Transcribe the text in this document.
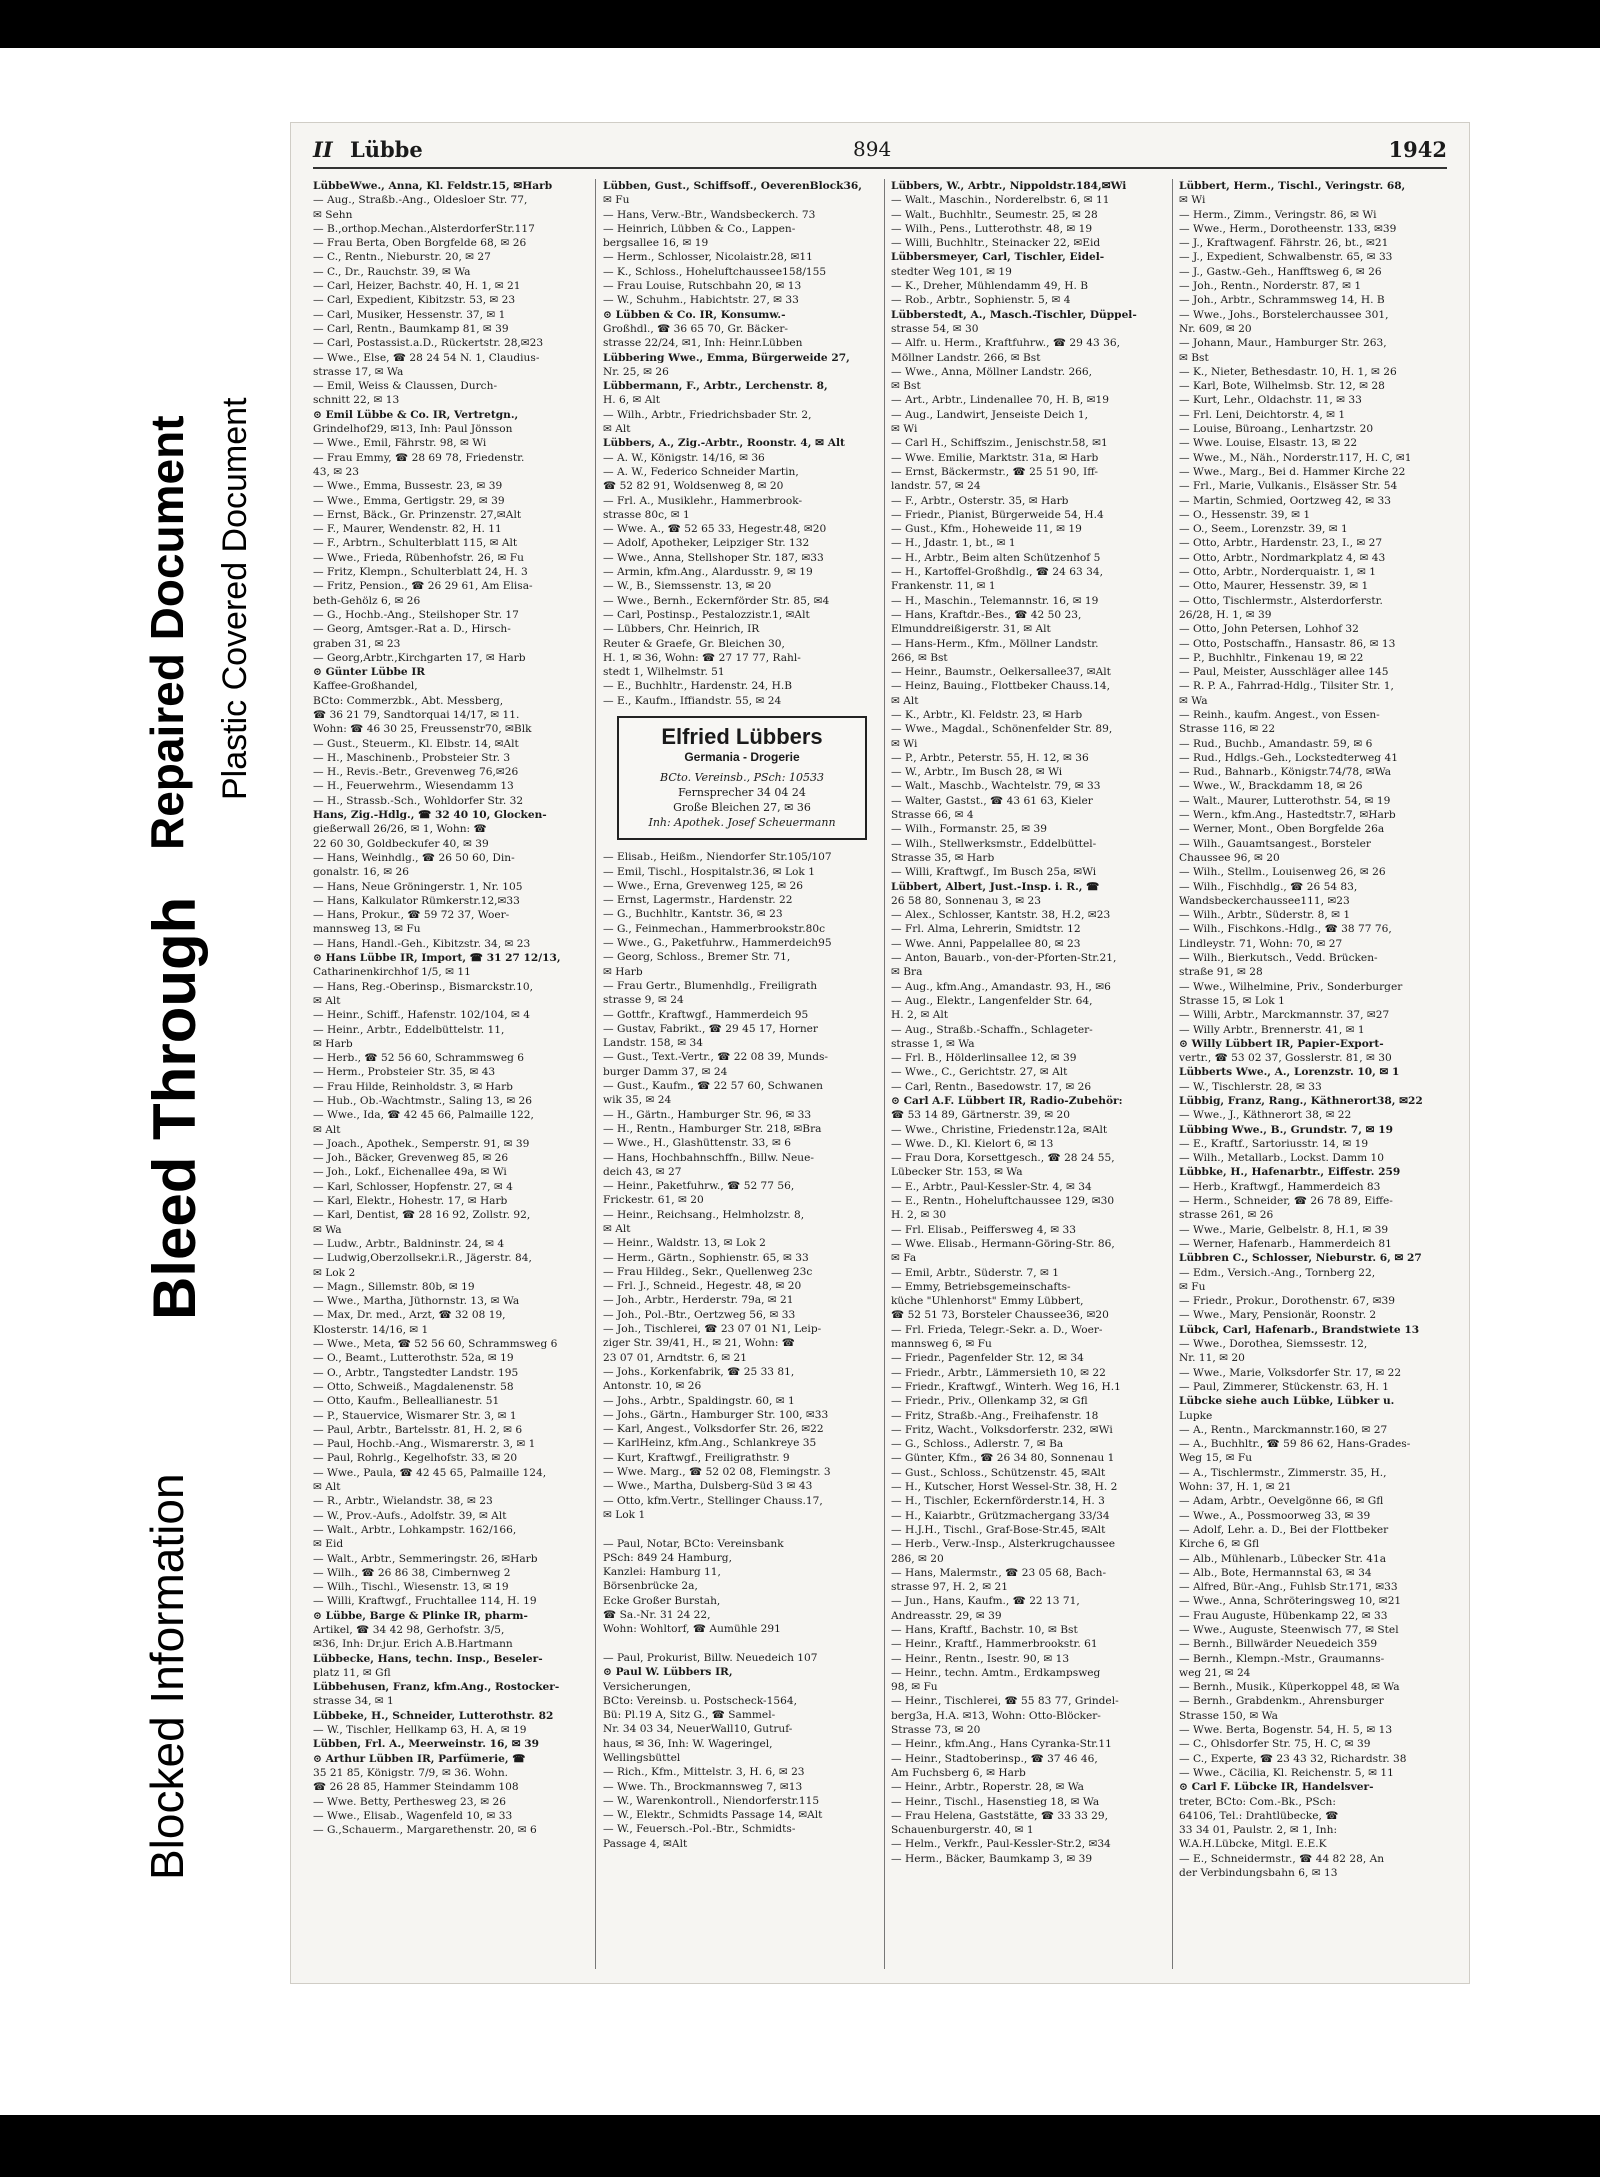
Blocked Information
Bleed Through
Repaired Document Plastic Covered Document
II Lübbe	894	1942
LübbeWwe., Anna, Kl. Feldstr.15, ✉Harb
— Aug., Straßb.-Ang., Oldesloer Str. 77,
✉ Sehn
— B.,orthop.Mechan.,AlsterdorferStr.117
— Frau Berta, Oben Borgfelde 68, ✉ 26
— C., Rentn., Nieburstr. 20, ✉ 27
— C., Dr., Rauchstr. 39, ✉ Wa
— Carl, Heizer, Bachstr. 40, H. 1, ✉ 21
— Carl, Expedient, Kibitzstr. 53, ✉ 23
— Carl, Musiker, Hessenstr. 37, ✉ 1
— Carl, Rentn., Baumkamp 81, ✉ 39
— Carl, Postassist.a.D., Rückertstr. 28,✉23
— Wwe., Else, ☎ 28 24 54 N. 1, Claudius-
strasse 17, ✉ Wa
— Emil, Weiss & Claussen, Durch-
schnitt 22, ✉ 13
⊙ Emil Lübbe & Co. IR, Vertretgn.,
Grindelhof29, ✉13, Inh: Paul Jönsson
— Wwe., Emil, Fährstr. 98, ✉ Wi
— Frau Emmy, ☎ 28 69 78, Friedenstr.
43, ✉ 23
— Wwe., Emma, Bussestr. 23, ✉ 39
— Wwe., Emma, Gertigstr. 29, ✉ 39
— Ernst, Bäck., Gr. Prinzenstr. 27,✉Alt
— F., Maurer, Wendenstr. 82, H. 11
— F., Arbtrn., Schulterblatt 115, ✉ Alt
— Wwe., Frieda, Rübenhofstr. 26, ✉ Fu
— Fritz, Klempn., Schulterblatt 24, H. 3
— Fritz, Pension., ☎ 26 29 61, Am Elisa-
beth-Gehölz 6, ✉ 26
— G., Hochb.-Ang., Steilshoper Str. 17
— Georg, Amtsger.-Rat a. D., Hirsch-
graben 31, ✉ 23
— Georg,Arbtr.,Kirchgarten 17, ✉ Harb
⊙ Günter Lübbe IR
Kaffee-Großhandel,
BCto: Commerzbk., Abt. Messberg,
☎ 36 21 79, Sandtorquai 14/17, ✉ 11.
Wohn: ☎ 46 30 25, Freussenstr70, ✉Blk
— Gust., Steuerm., Kl. Elbstr. 14, ✉Alt
— H., Maschinenb., Probsteier Str. 3
— H., Revis.-Betr., Grevenweg 76,✉26
— H., Feuerwehrm., Wiesendamm 13
— H., Strassb.-Sch., Wohldorfer Str. 32
Hans, Zig.-Hdlg., ☎ 32 40 10, Glocken-
gießerwall 26/26, ✉ 1, Wohn: ☎
22 60 30, Goldbeckufer 40, ✉ 39
— Hans, Weinhdlg., ☎ 26 50 60, Din-
gonalstr. 16, ✉ 26
— Hans, Neue Gröningerstr. 1, Nr. 105
— Hans, Kalkulator Rümkerstr.12,✉33
— Hans, Prokur., ☎ 59 72 37, Woer-
mannsweg 13, ✉ Fu
— Hans, Handl.-Geh., Kibitzstr. 34, ✉ 23
⊙ Hans Lübbe IR, Import, ☎ 31 27 12/13,
Catharinenkirchhof 1/5, ✉ 11
— Hans, Reg.-Oberinsp., Bismarckstr.10,
✉ Alt
— Heinr., Schiff., Hafenstr. 102/104, ✉ 4
— Heinr., Arbtr., Eddelbüttelstr. 11,
✉ Harb
— Herb., ☎ 52 56 60, Schrammsweg 6
— Herm., Probsteier Str. 35, ✉ 43
— Frau Hilde, Reinholdstr. 3, ✉ Harb
— Hub., Ob.-Wachtmstr., Saling 13, ✉ 26
— Wwe., Ida, ☎ 42 45 66, Palmaille 122,
✉ Alt
— Joach., Apothek., Semperstr. 91, ✉ 39
— Joh., Bäcker, Grevenweg 85, ✉ 26
— Joh., Lokf., Eichenallee 49a, ✉ Wi
— Karl, Schlosser, Hopfenstr. 27, ✉ 4
— Karl, Elektr., Hohestr. 17, ✉ Harb
— Karl, Dentist, ☎ 28 16 92, Zollstr. 92,
✉ Wa
— Ludw., Arbtr., Baldninstr. 24, ✉ 4
— Ludwig,Oberzollsekr.i.R., Jägerstr. 84,
✉ Lok 2
— Magn., Sillemstr. 80b, ✉ 19
— Wwe., Martha, Jüthornstr. 13, ✉ Wa
— Max, Dr. med., Arzt, ☎ 32 08 19,
Klosterstr. 14/16, ✉ 1
— Wwe., Meta, ☎ 52 56 60, Schrammsweg 6
— O., Beamt., Lutterothstr. 52a, ✉ 19
— O., Arbtr., Tangstedter Landstr. 195
— Otto, Schweiß., Magdalenenstr. 58
— Otto, Kaufm., Belleallianestr. 51
— P., Stauervice, Wismarer Str. 3, ✉ 1
— Paul, Arbtr., Bartelsstr. 81, H. 2, ✉ 6
— Paul, Hochb.-Ang., Wismarerstr. 3, ✉ 1
— Paul, Rohrlg., Kegelhofstr. 33, ✉ 20
— Wwe., Paula, ☎ 42 45 65, Palmaille 124,
✉ Alt
— R., Arbtr., Wielandstr. 38, ✉ 23
— W., Prov.-Aufs., Adolfstr. 39, ✉ Alt
— Walt., Arbtr., Lohkampstr. 162/166,
✉ Eid
— Walt., Arbtr., Semmeringstr. 26, ✉Harb
— Wilh., ☎ 26 86 38, Cimbernweg 2
— Wilh., Tischl., Wiesenstr. 13, ✉ 19
— Willi, Kraftwgf., Fruchtallee 114, H. 19
⊙ Lübbe, Barge & Plinke IR, pharm-
Artikel, ☎ 34 42 98, Gerhofstr. 3/5,
✉36, Inh: Dr.jur. Erich A.B.Hartmann
Lübbecke, Hans, techn. Insp., Beseler-
platz 11, ✉ Gfl
Lübbehusen, Franz, kfm.Ang., Rostocker-
strasse 34, ✉ 1
Lübbeke, H., Schneider, Lutterothstr. 82
— W., Tischler, Hellkamp 63, H. A, ✉ 19
Lübben, Frl. A., Meerweinstr. 16, ✉ 39
⊙ Arthur Lübben IR, Parfümerie, ☎
35 21 85, Königstr. 7/9, ✉ 36. Wohn.
☎ 26 28 85, Hammer Steindamm 108
— Wwe. Betty, Perthesweg 23, ✉ 26
— Wwe., Elisab., Wagenfeld 10, ✉ 33
— G.,Schauerm., Margarethenstr. 20, ✉ 6
Lübben, Gust., Schiffsoff., OeverenBlock36,
✉ Fu
— Hans, Verw.-Btr., Wandsbeckerch. 73
— Heinrich, Lübben & Co., Lappen-
bergsallee 16, ✉ 19
— Herm., Schlosser, Nicolaistr.28, ✉11
— K., Schloss., Hoheluftchaussee158/155
— Frau Louise, Rutschbahn 20, ✉ 13
— W., Schuhm., Habichtstr. 27, ✉ 33
⊙ Lübben & Co. IR, Konsumw.-
Großhdl., ☎ 36 65 70, Gr. Bäcker-
strasse 22/24, ✉1, Inh: Heinr.Lübben
Lübbering Wwe., Emma, Bürgerweide 27,
Nr. 25, ✉ 26
Lübbermann, F., Arbtr., Lerchenstr. 8,
H. 6, ✉ Alt
— Wilh., Arbtr., Friedrichsbader Str. 2,
✉ Alt
Lübbers, A., Zig.-Arbtr., Roonstr. 4, ✉ Alt
— A. W., Königstr. 14/16, ✉ 36
— A. W., Federico Schneider Martin,
☎ 52 82 91, Woldsenweg 8, ✉ 20
— Frl. A., Musiklehr., Hammerbrook-
strasse 80c, ✉ 1
— Wwe. A., ☎ 52 65 33, Hegestr.48, ✉20
— Adolf, Apotheker, Leipziger Str. 132
— Wwe., Anna, Stellshoper Str. 187, ✉33
— Armin, kfm.Ang., Alardusstr. 9, ✉ 19
— W., B., Siemssenstr. 13, ✉ 20
— Wwe., Bernh., Eckernförder Str. 85, ✉4
— Carl, Postinsp., Pestalozzistr.1, ✉Alt
— Lübbers, Chr. Heinrich, IR
Reuter & Graefe, Gr. Bleichen 30,
H. 1, ✉ 36, Wohn: ☎ 27 17 77, Rahl-
stedt 1, Wilhelmstr. 51
— E., Buchhltr., Hardenstr. 24, H.B
— E., Kaufm., Iffiandstr. 55, ✉ 24
Elfried Lübbers
Germania - Drogerie
BCto. Vereinsb., PSch: 10533
Fernsprecher 34 04 24
Große Bleichen 27, ✉ 36
Inh: Apothek. Josef Scheuermann
— Elisab., Heißm., Niendorfer Str.105/107
— Emil, Tischl., Hospitalstr.36, ✉ Lok 1
— Wwe., Erna, Grevenweg 125, ✉ 26
— Ernst, Lagermstr., Hardenstr. 22
— G., Buchhltr., Kantstr. 36, ✉ 23
— G., Feinmechan., Hammerbrookstr.80c
— Wwe., G., Paketfuhrw., Hammerdeich95
— Georg, Schloss., Bremer Str. 71,
✉ Harb
— Frau Gertr., Blumenhdlg., Freiligrath
strasse 9, ✉ 24
— Gottfr., Kraftwgf., Hammerdeich 95
— Gustav, Fabrikt., ☎ 29 45 17, Horner
Landstr. 158, ✉ 34
— Gust., Text.-Vertr., ☎ 22 08 39, Munds-
burger Damm 37, ✉ 24
— Gust., Kaufm., ☎ 22 57 60, Schwanen
wik 35, ✉ 24
— H., Gärtn., Hamburger Str. 96, ✉ 33
— H., Rentn., Hamburger Str. 218, ✉Bra
— Wwe., H., Glashüttenstr. 33, ✉ 6
— Hans, Hochbahnschffn., Billw. Neue-
deich 43, ✉ 27
— Heinr., Paketfuhrw., ☎ 52 77 56,
Frickestr. 61, ✉ 20
— Heinr., Reichsang., Helmholzstr. 8,
✉ Alt
— Heinr., Waldstr. 13, ✉ Lok 2
— Herm., Gärtn., Sophienstr. 65, ✉ 33
— Frau Hildeg., Sekr., Quellenweg 23c
— Frl. J., Schneid., Hegestr. 48, ✉ 20
— Joh., Arbtr., Herderstr. 79a, ✉ 21
— Joh., Pol.-Btr., Oertzweg 56, ✉ 33
— Joh., Tischlerei, ☎ 23 07 01 N1, Leip-
ziger Str. 39/41, H., ✉ 21, Wohn: ☎
23 07 01, Arndtstr. 6, ✉ 21
— Johs., Korkenfabrik, ☎ 25 33 81,
Antonstr. 10, ✉ 26
— Johs., Arbtr., Spaldingstr. 60, ✉ 1
— Johs., Gärtn., Hamburger Str. 100, ✉33
— Karl, Angest., Volksdorfer Str. 26, ✉22
— KarlHeinz, kfm.Ang., Schlankreye 35
— Kurt, Kraftwgf., Freiligrathstr. 9
— Wwe. Marg., ☎ 52 02 08, Flemingstr. 3
— Wwe., Martha, Dulsberg-Süd 3 ✉ 43
— Otto, kfm.Vertr., Stellinger Chauss.17,
✉ Lok 1

— Paul, Notar, BCto: Vereinsbank
PSch: 849 24 Hamburg,
Kanzlei: Hamburg 11,
Börsenbrücke 2a,
Ecke Großer Burstah,
☎ Sa.-Nr. 31 24 22,
Wohn: Wohltorf, ☎ Aumühle 291

— Paul, Prokurist, Billw. Neuedeich 107
⊙ Paul W. Lübbers IR,
Versicherungen,
BCto: Vereinsb. u. Postscheck-1564,
Bü: Pl.19 A, Sitz G., ☎ Sammel-
Nr. 34 03 34, NeuerWall10, Gutruf-
haus, ✉ 36, Inh: W. Wageringel,
Wellingsbüttel
— Rich., Kfm., Mittelstr. 3, H. 6, ✉ 23
— Wwe. Th., Brockmannsweg 7, ✉13
— W., Warenkontroll., Niendorferstr.115
— W., Elektr., Schmidts Passage 14, ✉Alt
— W., Feuersch.-Pol.-Btr., Schmidts-
Passage 4, ✉Alt
Lübbers, W., Arbtr., Nippoldstr.184,✉Wi
— Walt., Maschin., Norderelbstr. 6, ✉ 11
— Walt., Buchhltr., Seumestr. 25, ✉ 28
— Wilh., Pens., Lutterothstr. 48, ✉ 19
— Willi, Buchhltr., Steinacker 22, ✉Eid
Lübbersmeyer, Carl, Tischler, Eidel-
stedter Weg 101, ✉ 19
— K., Dreher, Mühlendamm 49, H. B
— Rob., Arbtr., Sophienstr. 5, ✉ 4
Lübberstedt, A., Masch.-Tischler, Düppel-
strasse 54, ✉ 30
— Alfr. u. Herm., Kraftfuhrw., ☎ 29 43 36,
Möllner Landstr. 266, ✉ Bst
— Wwe., Anna, Möllner Landstr. 266,
✉ Bst
— Art., Arbtr., Lindenallee 70, H. B, ✉19
— Aug., Landwirt, Jenseiste Deich 1,
✉ Wi
— Carl H., Schiffszim., Jenischstr.58, ✉1
— Wwe. Emilie, Marktstr. 31a, ✉ Harb
— Ernst, Bäckermstr., ☎ 25 51 90, Iff-
landstr. 57, ✉ 24
— F., Arbtr., Osterstr. 35, ✉ Harb
— Friedr., Pianist, Bürgerweide 54, H.4
— Gust., Kfm., Hoheweide 11, ✉ 19
— H., Jdastr. 1, bt., ✉ 1
— H., Arbtr., Beim alten Schützenhof 5
— H., Kartoffel-Großhdlg., ☎ 24 63 34,
Frankenstr. 11, ✉ 1
— H., Maschin., Telemannstr. 16, ✉ 19
— Hans, Kraftdr.-Bes., ☎ 42 50 23,
Elmunddreißigerstr. 31, ✉ Alt
— Hans-Herm., Kfm., Möllner Landstr.
266, ✉ Bst
— Heinr., Baumstr., Oelkersallee37, ✉Alt
— Heinz, Bauing., Flottbeker Chauss.14,
✉ Alt
— K., Arbtr., Kl. Feldstr. 23, ✉ Harb
— Wwe., Magdal., Schönenfelder Str. 89,
✉ Wi
— P., Arbtr., Peterstr. 55, H. 12, ✉ 36
— W., Arbtr., Im Busch 28, ✉ Wi
— Walt., Maschb., Wachtelstr. 79, ✉ 33
— Walter, Gastst., ☎ 43 61 63, Kieler
Strasse 66, ✉ 4
— Wilh., Formanstr. 25, ✉ 39
— Wilh., Stellwerksmstr., Eddelbüttel-
Strasse 35, ✉ Harb
— Willi, Kraftwgf., Im Busch 25a, ✉Wi
Lübbert, Albert, Just.-Insp. i. R., ☎
26 58 80, Sonnenau 3, ✉ 23
— Alex., Schlosser, Kantstr. 38, H.2, ✉23
— Frl. Alma, Lehrerin, Smidtstr. 12
— Wwe. Anni, Pappelallee 80, ✉ 23
— Anton, Bauarb., von-der-Pforten-Str.21,
✉ Bra
— Aug., kfm.Ang., Amandastr. 93, H., ✉6
— Aug., Elektr., Langenfelder Str. 64,
H. 2, ✉ Alt
— Aug., Straßb.-Schaffn., Schlageter-
strasse 1, ✉ Wa
— Frl. B., Hölderlinsallee 12, ✉ 39
— Wwe., C., Gerichtstr. 27, ✉ Alt
— Carl, Rentn., Basedowstr. 17, ✉ 26
⊙ Carl A.F. Lübbert IR, Radio-Zubehör:
☎ 53 14 89, Gärtnerstr. 39, ✉ 20
— Wwe., Christine, Friedenstr.12a, ✉Alt
— Wwe. D., Kl. Kielort 6, ✉ 13
— Frau Dora, Korsettgesch., ☎ 28 24 55,
Lübecker Str. 153, ✉ Wa
— E., Arbtr., Paul-Kessler-Str. 4, ✉ 34
— E., Rentn., Hoheluftchaussee 129, ✉30
H. 2, ✉ 30
— Frl. Elisab., Peiffersweg 4, ✉ 33
— Wwe. Elisab., Hermann-Göring-Str. 86,
✉ Fa
— Emil, Arbtr., Süderstr. 7, ✉ 1
— Emmy, Betriebsgemeinschafts-
küche "Uhlenhorst" Emmy Lübbert,
☎ 52 51 73, Borsteler Chaussee36, ✉20
— Frl. Frieda, Telegr.-Sekr. a. D., Woer-
mannsweg 6, ✉ Fu
— Friedr., Pagenfelder Str. 12, ✉ 34
— Friedr., Arbtr., Lämmersieth 10, ✉ 22
— Friedr., Kraftwgf., Winterh. Weg 16, H.1
— Friedr., Priv., Ollenkamp 32, ✉ Gfl
— Fritz, Straßb.-Ang., Freihafenstr. 18
— Fritz, Wacht., Volksdorferstr. 232, ✉Wi
— G., Schloss., Adlerstr. 7, ✉ Ba
— Günter, Kfm., ☎ 26 34 80, Sonnenau 1
— Gust., Schloss., Schützenstr. 45, ✉Alt
— H., Kutscher, Horst Wessel-Str. 38, H. 2
— H., Tischler, Eckernförderstr.14, H. 3
— H., Kaiarbtr., Grützmachergang 33/34
— H.J.H., Tischl., Graf-Bose-Str.45, ✉Alt
— Herb., Verw.-Insp., Alsterkrugchaussee
286, ✉ 20
— Hans, Malermstr., ☎ 23 05 68, Bach-
strasse 97, H. 2, ✉ 21
— Jun., Hans, Kaufm., ☎ 22 13 71,
Andreasstr. 29, ✉ 39
— Hans, Kraftf., Bachstr. 10, ✉ Bst
— Heinr., Kraftf., Hammerbrookstr. 61
— Heinr., Rentn., Isestr. 90, ✉ 13
— Heinr., techn. Amtm., Erdkampsweg
98, ✉ Fu
— Heinr., Tischlerei, ☎ 55 83 77, Grindel-
berg3a, H.A. ✉13, Wohn: Otto-Blöcker-
Strasse 73, ✉ 20
— Heinr., kfm.Ang., Hans Cyranka-Str.11
— Heinr., Stadtoberinsp., ☎ 37 46 46,
Am Fuchsberg 6, ✉ Harb
— Heinr., Arbtr., Roperstr. 28, ✉ Wa
— Heinr., Tischl., Hasenstieg 18, ✉ Wa
— Frau Helena, Gaststätte, ☎ 33 33 29,
Schauenburgerstr. 40, ✉ 1
— Helm., Verkfr., Paul-Kessler-Str.2, ✉34
— Herm., Bäcker, Baumkamp 3, ✉ 39
Lübbert, Herm., Tischl., Veringstr. 68,
✉ Wi
— Herm., Zimm., Veringstr. 86, ✉ Wi
— Wwe., Herm., Dorotheenstr. 133, ✉39
— J., Kraftwagenf. Fährstr. 26, bt., ✉21
— J., Expedient, Schwalbenstr. 65, ✉ 33
— J., Gastw.-Geh., Hanfftsweg 6, ✉ 26
— Joh., Rentn., Norderstr. 87, ✉ 1
— Joh., Arbtr., Schrammsweg 14, H. B
— Wwe., Johs., Borstelerchaussee 301,
Nr. 609, ✉ 20
— Johann, Maur., Hamburger Str. 263,
✉ Bst
— K., Nieter, Bethesdastr. 10, H. 1, ✉ 26
— Karl, Bote, Wilhelmsb. Str. 12, ✉ 28
— Kurt, Lehr., Oldachstr. 11, ✉ 33
— Frl. Leni, Deichtorstr. 4, ✉ 1
— Louise, Büroang., Lenhartzstr. 20
— Wwe. Louise, Elsastr. 13, ✉ 22
— Wwe., M., Näh., Norderstr.117, H. C, ✉1
— Wwe., Marg., Bei d. Hammer Kirche 22
— Frl., Marie, Vulkanis., Elsässer Str. 54
— Martin, Schmied, Oortzweg 42, ✉ 33
— O., Hessenstr. 39, ✉ 1
— O., Seem., Lorenzstr. 39, ✉ 1
— Otto, Arbtr., Hardenstr. 23, I., ✉ 27
— Otto, Arbtr., Nordmarkplatz 4, ✉ 43
— Otto, Arbtr., Norderquaistr. 1, ✉ 1
— Otto, Maurer, Hessenstr. 39, ✉ 1
— Otto, Tischlermstr., Alsterdorferstr.
26/28, H. 1, ✉ 39
— Otto, John Petersen, Lohhof 32
— Otto, Postschaffn., Hansastr. 86, ✉ 13
— P., Buchhltr., Finkenau 19, ✉ 22
— Paul, Meister, Ausschläger allee 145
— R. P. A., Fahrrad-Hdlg., Tilsiter Str. 1,
✉ Wa
— Reinh., kaufm. Angest., von Essen-
Strasse 116, ✉ 22
— Rud., Buchb., Amandastr. 59, ✉ 6
— Rud., Hdlgs.-Geh., Lockstedterweg 41
— Rud., Bahnarb., Königstr.74/78, ✉Wa
— Wwe., W., Brackdamm 18, ✉ 26
— Walt., Maurer, Lutterothstr. 54, ✉ 19
— Wern., kfm.Ang., Hastedtstr.7, ✉Harb
— Werner, Mont., Oben Borgfelde 26a
— Wilh., Gauamtsangest., Borsteler
Chaussee 96, ✉ 20
— Wilh., Stellm., Louisenweg 26, ✉ 26
— Wilh., Fischhdlg., ☎ 26 54 83,
Wandsbeckerchaussee111, ✉23
— Wilh., Arbtr., Süderstr. 8, ✉ 1
— Wilh., Fischkons.-Hdlg., ☎ 38 77 76,
Lindleystr. 71, Wohn: 70, ✉ 27
— Wilh., Bierkutsch., Vedd. Brücken-
straße 91, ✉ 28
— Wwe., Wilhelmine, Priv., Sonderburger
Strasse 15, ✉ Lok 1
— Willi, Arbtr., Marckmannstr. 37, ✉27
— Willy Arbtr., Brennerstr. 41, ✉ 1
⊙ Willy Lübbert IR, Papier-Export-
vertr., ☎ 53 02 37, Gosslerstr. 81, ✉ 30
Lübberts Wwe., A., Lorenzstr. 10, ✉ 1
— W., Tischlerstr. 28, ✉ 33
Lübbig, Franz, Rang., Käthnerort38, ✉22
— Wwe., J., Käthnerort 38, ✉ 22
Lübbing Wwe., B., Grundstr. 7, ✉ 19
— E., Kraftf., Sartoriusstr. 14, ✉ 19
— Wilh., Metallarb., Lockst. Damm 10
Lübbke, H., Hafenarbtr., Eiffestr. 259
— Herb., Kraftwgf., Hammerdeich 83
— Herm., Schneider, ☎ 26 78 89, Eiffe-
strasse 261, ✉ 26
— Wwe., Marie, Gelbelstr. 8, H.1, ✉ 39
— Werner, Hafenarb., Hammerdeich 81
Lübbren C., Schlosser, Nieburstr. 6, ✉ 27
— Edm., Versich.-Ang., Tornberg 22,
✉ Fu
— Friedr., Prokur., Dorothenstr. 67, ✉39
— Wwe., Mary, Pensionär, Roonstr. 2
Lübck, Carl, Hafenarb., Brandstwiete 13
— Wwe., Dorothea, Siemssestr. 12,
Nr. 11, ✉ 20
— Wwe., Marie, Volksdorfer Str. 17, ✉ 22
— Paul, Zimmerer, Stückenstr. 63, H. 1
Lübcke siehe auch Lübke, Lübker u.
Lupke
— A., Rentn., Marckmannstr.160, ✉ 27
— A., Buchhltr., ☎ 59 86 62, Hans-Grades-
Weg 15, ✉ Fu
— A., Tischlermstr., Zimmerstr. 35, H.,
Wohn: 37, H. 1, ✉ 21
— Adam, Arbtr., Oevelgönne 66, ✉ Gfl
— Wwe., A., Possmoorweg 33, ✉ 39
— Adolf, Lehr. a. D., Bei der Flottbeker
Kirche 6, ✉ Gfl
— Alb., Mühlenarb., Lübecker Str. 41a
— Alb., Bote, Hermannstal 63, ✉ 34
— Alfred, Bür.-Ang., Fuhlsb Str.171, ✉33
— Wwe., Anna, Schröteringsweg 10, ✉21
— Frau Auguste, Hübenkamp 22, ✉ 33
— Wwe., Auguste, Steenwisch 77, ✉ Stel
— Bernh., Billwärder Neuedeich 359
— Bernh., Klempn.-Mstr., Graumanns-
weg 21, ✉ 24
— Bernh., Musik., Küperkoppel 48, ✉ Wa
— Bernh., Grabdenkm., Ahrensburger
Strasse 150, ✉ Wa
— Wwe. Berta, Bogenstr. 54, H. 5, ✉ 13
— C., Ohlsdorfer Str. 75, H. C, ✉ 39
— C., Experte, ☎ 23 43 32, Richardstr. 38
— Wwe., Cäcilia, Kl. Reichenstr. 5, ✉ 11
⊙ Carl F. Lübcke IR, Handelsver-
treter, BCto: Com.-Bk., PSch:
64106, Tel.: Drahtlübecke, ☎
33 34 01, Paulstr. 2, ✉ 1, Inh:
W.A.H.Lübcke, Mitgl. E.E.K
— E., Schneidermstr., ☎ 44 82 28, An
der Verbindungsbahn 6, ✉ 13
